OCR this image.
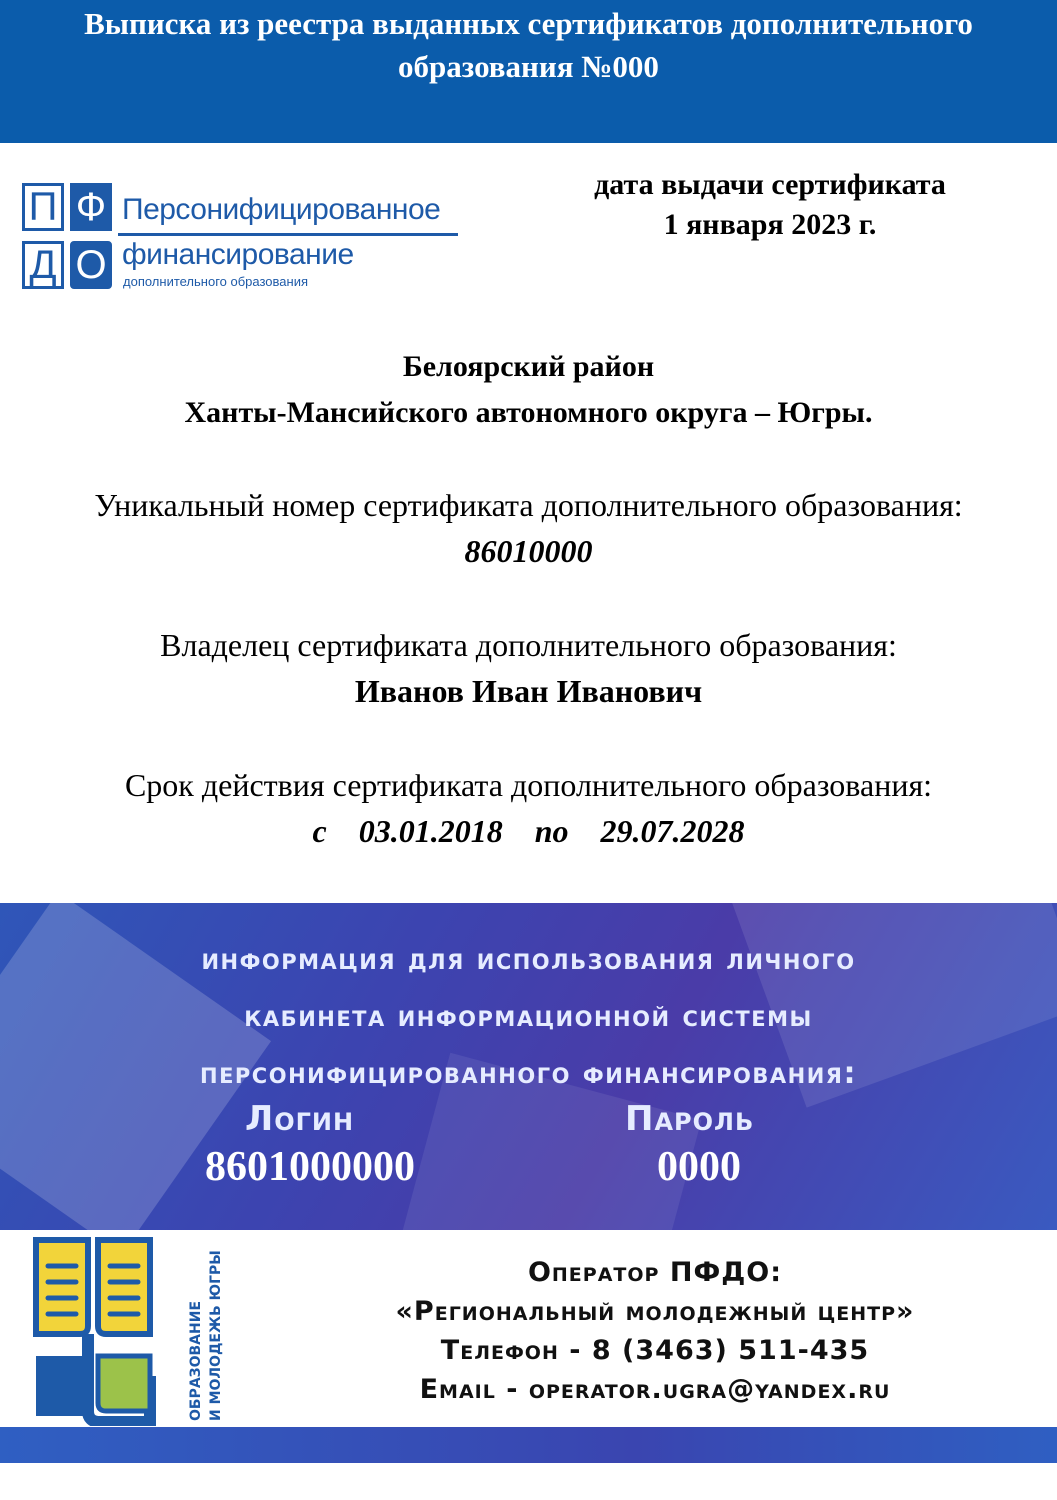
Выписка из реестра выданных сертификатов дополнительного
образования №000
П Ф
Д О
Персонифицированное
финансирование
дополнительного образования
дата выдачи сертификата
1 января 2023 г.
Белоярский район
Ханты-Мансийского автономного округа – Югры.
Уникальный номер сертификата дополнительного образования:
86010000
Владелец сертификата дополнительного образования:
Иванов Иван Иванович
Срок действия сертификата дополнительного образования:
с  03.01.2018  по  29.07.2028
информация для использования личного
кабинета информационной системы
персонифицированного финансирования:
Логин	Пароль
8601000000	0000
ОБРАЗОВАНИЕ И МОЛОДЕЖЬ ЮГРЫ	Оператор ПФДО:
«Региональный молодежный центр»
Телефон - 8 (3463) 511-435
Email - operator.ugra@yandex.ru
